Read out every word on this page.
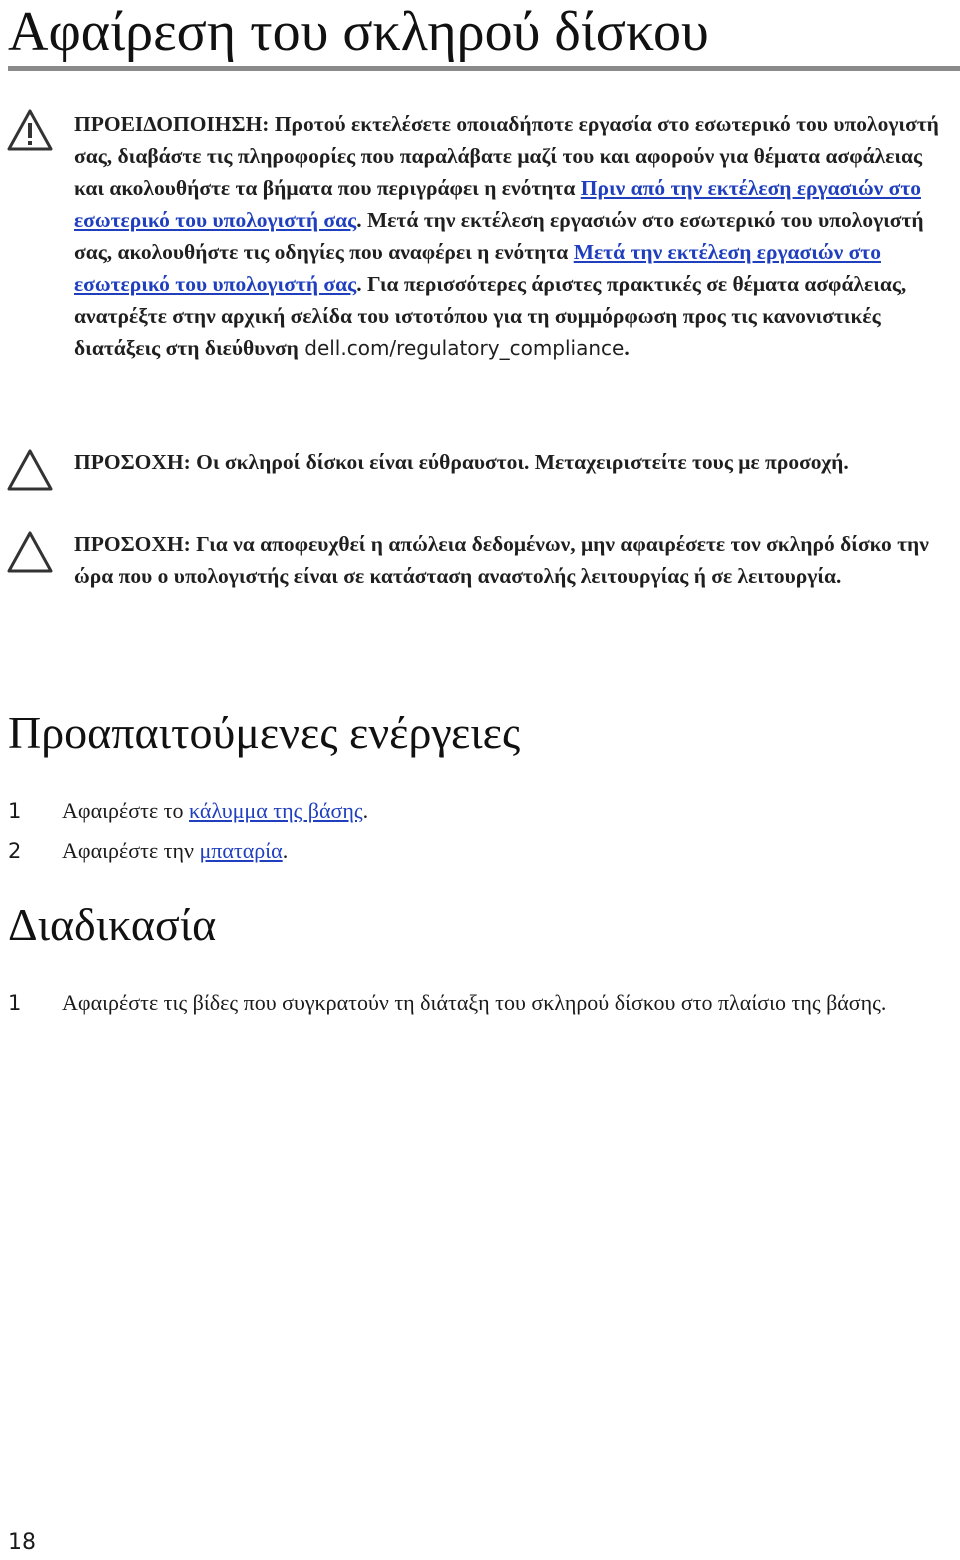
Αφαίρεση του σκληρού δίσκου
ΠΡΟΕΙΔΟΠΟΙΗΣΗ: Προτού εκτελέσετε οποιαδήποτε εργασία στο εσωτερικό του υπολογιστή σας, διαβάστε τις πληροφορίες που παραλάβατε μαζί του και αφορούν για θέματα ασφάλειας και ακολουθήστε τα βήματα που περιγράφει η ενότητα Πριν από την εκτέλεση εργασιών στο εσωτερικό του υπολογιστή σας. Μετά την εκτέλεση εργασιών στο εσωτερικό του υπολογιστή σας, ακολουθήστε τις οδηγίες που αναφέρει η ενότητα Μετά την εκτέλεση εργασιών στο εσωτερικό του υπολογιστή σας. Για περισσότερες άριστες πρακτικές σε θέματα ασφάλειας, ανατρέξτε στην αρχική σελίδα του ιστοτόπου για τη συμμόρφωση προς τις κανονιστικές διατάξεις στη διεύθυνση dell.com/regulatory_compliance.
ΠΡΟΣΟΧΗ: Οι σκληροί δίσκοι είναι εύθραυστοι. Μεταχειριστείτε τους με προσοχή.
ΠΡΟΣΟΧΗ: Για να αποφευχθεί η απώλεια δεδομένων, μην αφαιρέσετε τον σκληρό δίσκο την ώρα που ο υπολογιστής είναι σε κατάσταση αναστολής λειτουργίας ή σε λειτουργία.
Προαπαιτούμενες ενέργειες
1 Αφαιρέστε το κάλυμμα της βάσης.
2 Αφαιρέστε την μπαταρία.
Διαδικασία
1 Αφαιρέστε τις βίδες που συγκρατούν τη διάταξη του σκληρού δίσκου στο πλαίσιο της βάσης.
18
